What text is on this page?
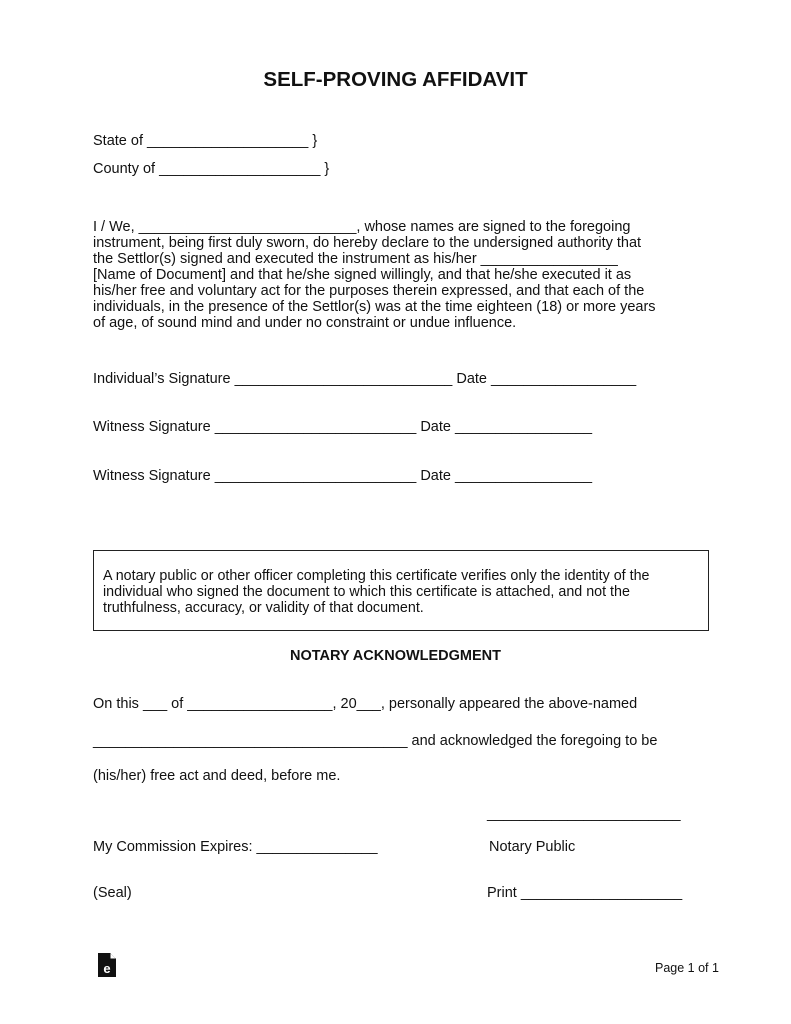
SELF-PROVING AFFIDAVIT
State of ____________________ }
County of ____________________ }
I / We, ___________________________, whose names are signed to the foregoing
instrument, being first duly sworn, do hereby declare to the undersigned authority that
the Settlor(s) signed and executed the instrument as his/her _________________
[Name of Document] and that he/she signed willingly, and that he/she executed it as
his/her free and voluntary act for the purposes therein expressed, and that each of the
individuals, in the presence of the Settlor(s) was at the time eighteen (18) or more years
of age, of sound mind and under no constraint or undue influence.
Individual’s Signature ___________________________ Date __________________
Witness Signature _________________________ Date _________________
Witness Signature _________________________ Date _________________
A notary public or other officer completing this certificate verifies only the identity of the
individual who signed the document to which this certificate is attached, and not the
truthfulness, accuracy, or validity of that document.
NOTARY ACKNOWLEDGMENT
On this ___ of __________________, 20___, personally appeared the above-named
_______________________________________ and acknowledged the foregoing to be
(his/her) free act and deed, before me.
________________________
My Commission Expires: _______________	Notary Public
(Seal)	Print ____________________
e	Page 1 of 1
